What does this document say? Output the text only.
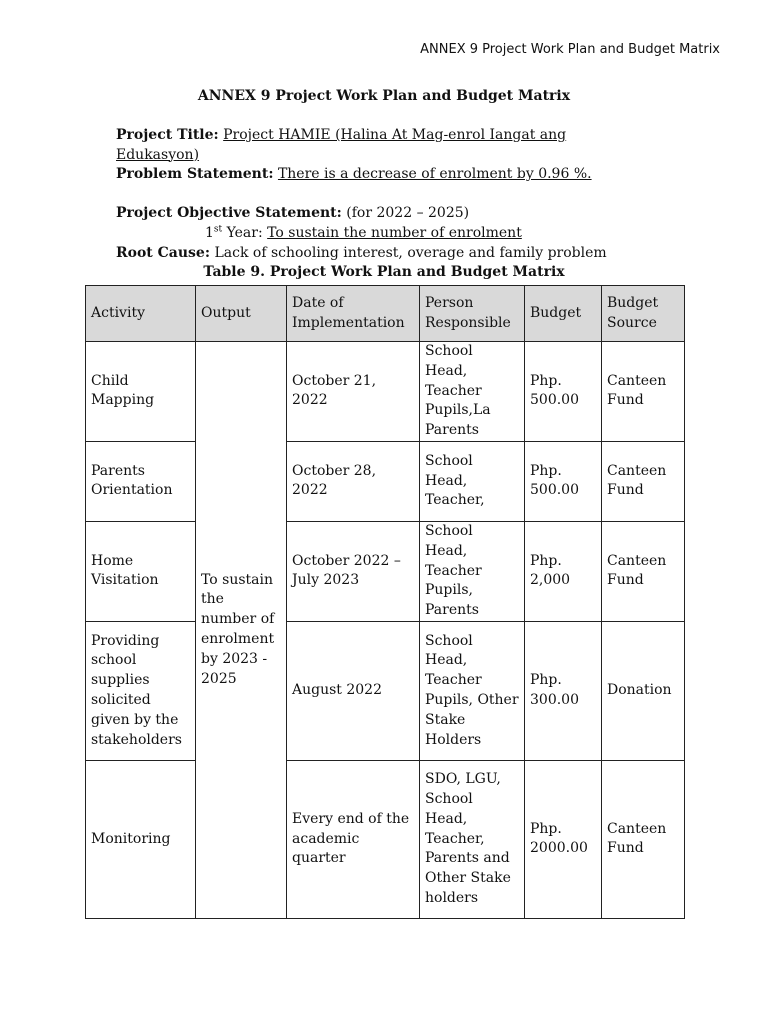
ANNEX 9 Project Work Plan and Budget Matrix
ANNEX 9 Project Work Plan and Budget Matrix
Project Title: Project HAMIE (Halina At Mag-enrol Iangat ang Edukasyon)
Problem Statement: There is a decrease of enrolment by 0.96 %.
Project Objective Statement: (for 2022 – 2025)
1st Year: To sustain the number of enrolment
Root Cause: Lack of schooling interest, overage and family problem
Table 9. Project Work Plan and Budget Matrix
Activity	Output	Date of Implementation	Person Responsible	Budget	Budget Source
Child Mapping	To sustain the number of enrolment by 2023 - 2025	October 21, 2022	School Head, Teacher Pupils,La Parents	Php. 500.00	Canteen Fund
Parents Orientation		October 28, 2022	School Head, Teacher,	Php. 500.00	Canteen Fund
Home Visitation		October 2022 – July 2023	School Head, Teacher Pupils, Parents	Php. 2,000	Canteen Fund
Providing school supplies solicited given by the stakeholders		August 2022	School Head, Teacher Pupils, Other Stake Holders	Php. 300.00	Donation
Monitoring		Every end of the academic quarter	SDO, LGU, School Head, Teacher, Parents and Other Stake holders	Php. 2000.00	Canteen Fund
